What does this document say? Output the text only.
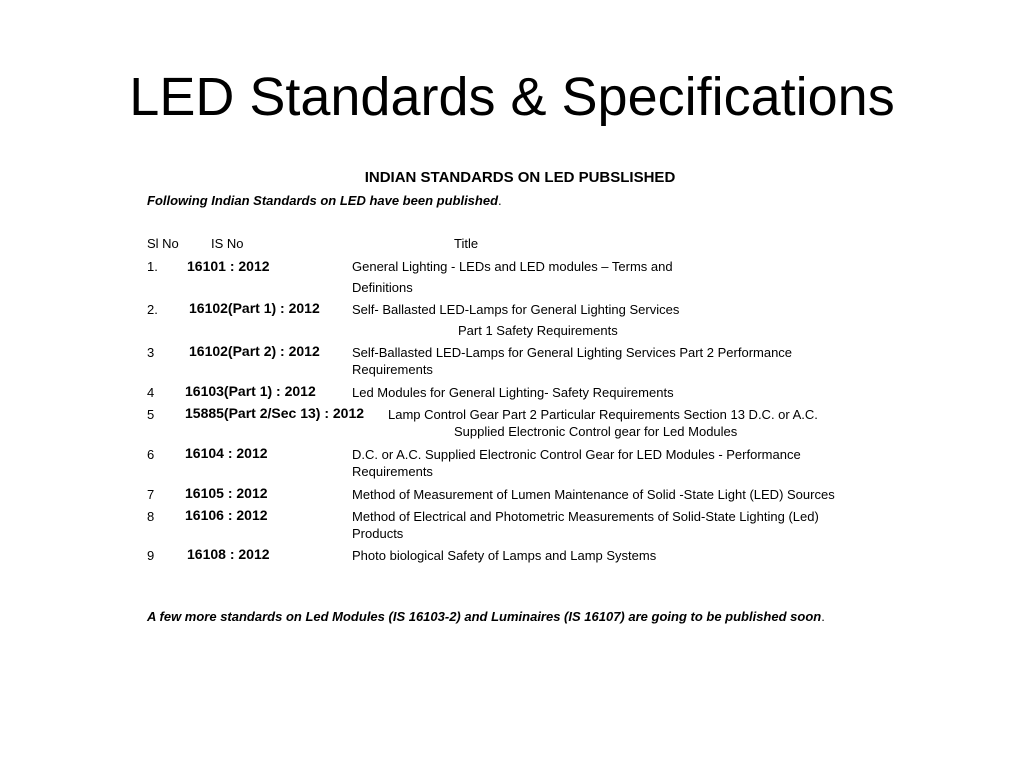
LED Standards & Specifications
INDIAN STANDARDS ON LED PUBSLISHED
Following Indian Standards on LED have been published.
Sl No IS No	Title
1. 16101 : 2012	General Lighting - LEDs and LED modules – Terms and
Definitions
2. 16102(Part 1) : 2012 Self- Ballasted LED-Lamps for General Lighting Services
Part 1 Safety Requirements
3 16102(Part 2) : 2012 Self-Ballasted LED-Lamps for General Lighting Services Part 2 Performance
Requirements
4 16103(Part 1) : 2012	Led Modules for General Lighting- Safety Requirements
5 15885(Part 2/Sec 13) : 2012 Lamp Control Gear Part 2 Particular Requirements Section 13 D.C. or A.C.
Supplied Electronic Control gear for Led Modules
6 16104 : 2012	D.C. or A.C. Supplied Electronic Control Gear for LED Modules - Performance
Requirements
7 16105 : 2012	Method of Measurement of Lumen Maintenance of Solid -State Light (LED) Sources
8 16106 : 2012	Method of Electrical and Photometric Measurements of Solid-State Lighting (Led)
Products
9 16108 : 2012	Photo biological Safety of Lamps and Lamp Systems
A few more standards on Led Modules (IS 16103-2) and Luminaires (IS 16107) are going to be published soon.
